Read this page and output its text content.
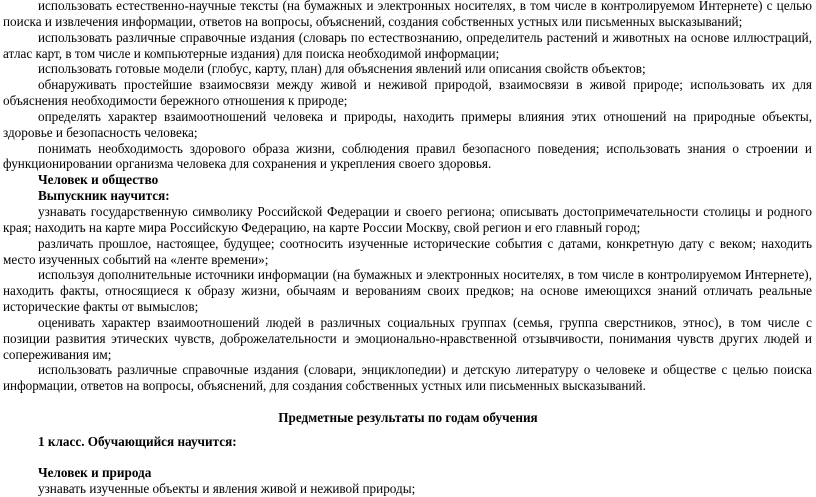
использовать естественно-научные тексты (на бумажных и электронных носителях, в том числе в контролируемом Интернете) с целью поиска и извлечения информации, ответов на вопросы, объяснений, создания собственных устных или письменных высказываний;

использовать различные справочные издания (словарь по естествознанию, определитель растений и животных на основе иллюстраций, атлас карт, в том числе и компьютерные издания) для поиска необходимой информации;

использовать готовые модели (глобус, карту, план) для объяснения явлений или описания свойств объектов;

обнаруживать простейшие взаимосвязи между живой и неживой природой, взаимосвязи в живой природе; использовать их для объяснения необходимости бережного отношения к природе;

определять характер взаимоотношений человека и природы, находить примеры влияния этих отношений на природные объекты, здоровье и безопасность человека;

понимать необходимость здорового образа жизни, соблюдения правил безопасного поведения; использовать знания о строении и функционировании организма человека для сохранения и укрепления своего здоровья.

Человек и общество

Выпускник научится:

узнавать государственную символику Российской Федерации и своего региона; описывать достопримечательности столицы и родного края; находить на карте мира Российскую Федерацию, на карте России Москву, свой регион и его главный город;

различать прошлое, настоящее, будущее; соотносить изученные исторические события с датами, конкретную дату с веком; находить место изученных событий на «ленте времени»;

используя дополнительные источники информации (на бумажных и электронных носителях, в том числе в контролируемом Интернете), находить факты, относящиеся к образу жизни, обычаям и верованиям своих предков; на основе имеющихся знаний отличать реальные исторические факты от вымыслов;

оценивать характер взаимоотношений людей в различных социальных группах (семья, группа сверстников, этнос), в том числе с позиции развития этических чувств, доброжелательности и эмоционально-нравственной отзывчивости, понимания чувств других людей и сопереживания им;

использовать различные справочные издания (словари, энциклопедии) и детскую литературу о человеке и обществе с целью поиска информации, ответов на вопросы, объяснений, для создания собственных устных или письменных высказываний.

Предметные результаты по годам обучения

1 класс. Обучающийся научится:

Человек и природа

узнавать изученные объекты и явления живой и неживой природы;
